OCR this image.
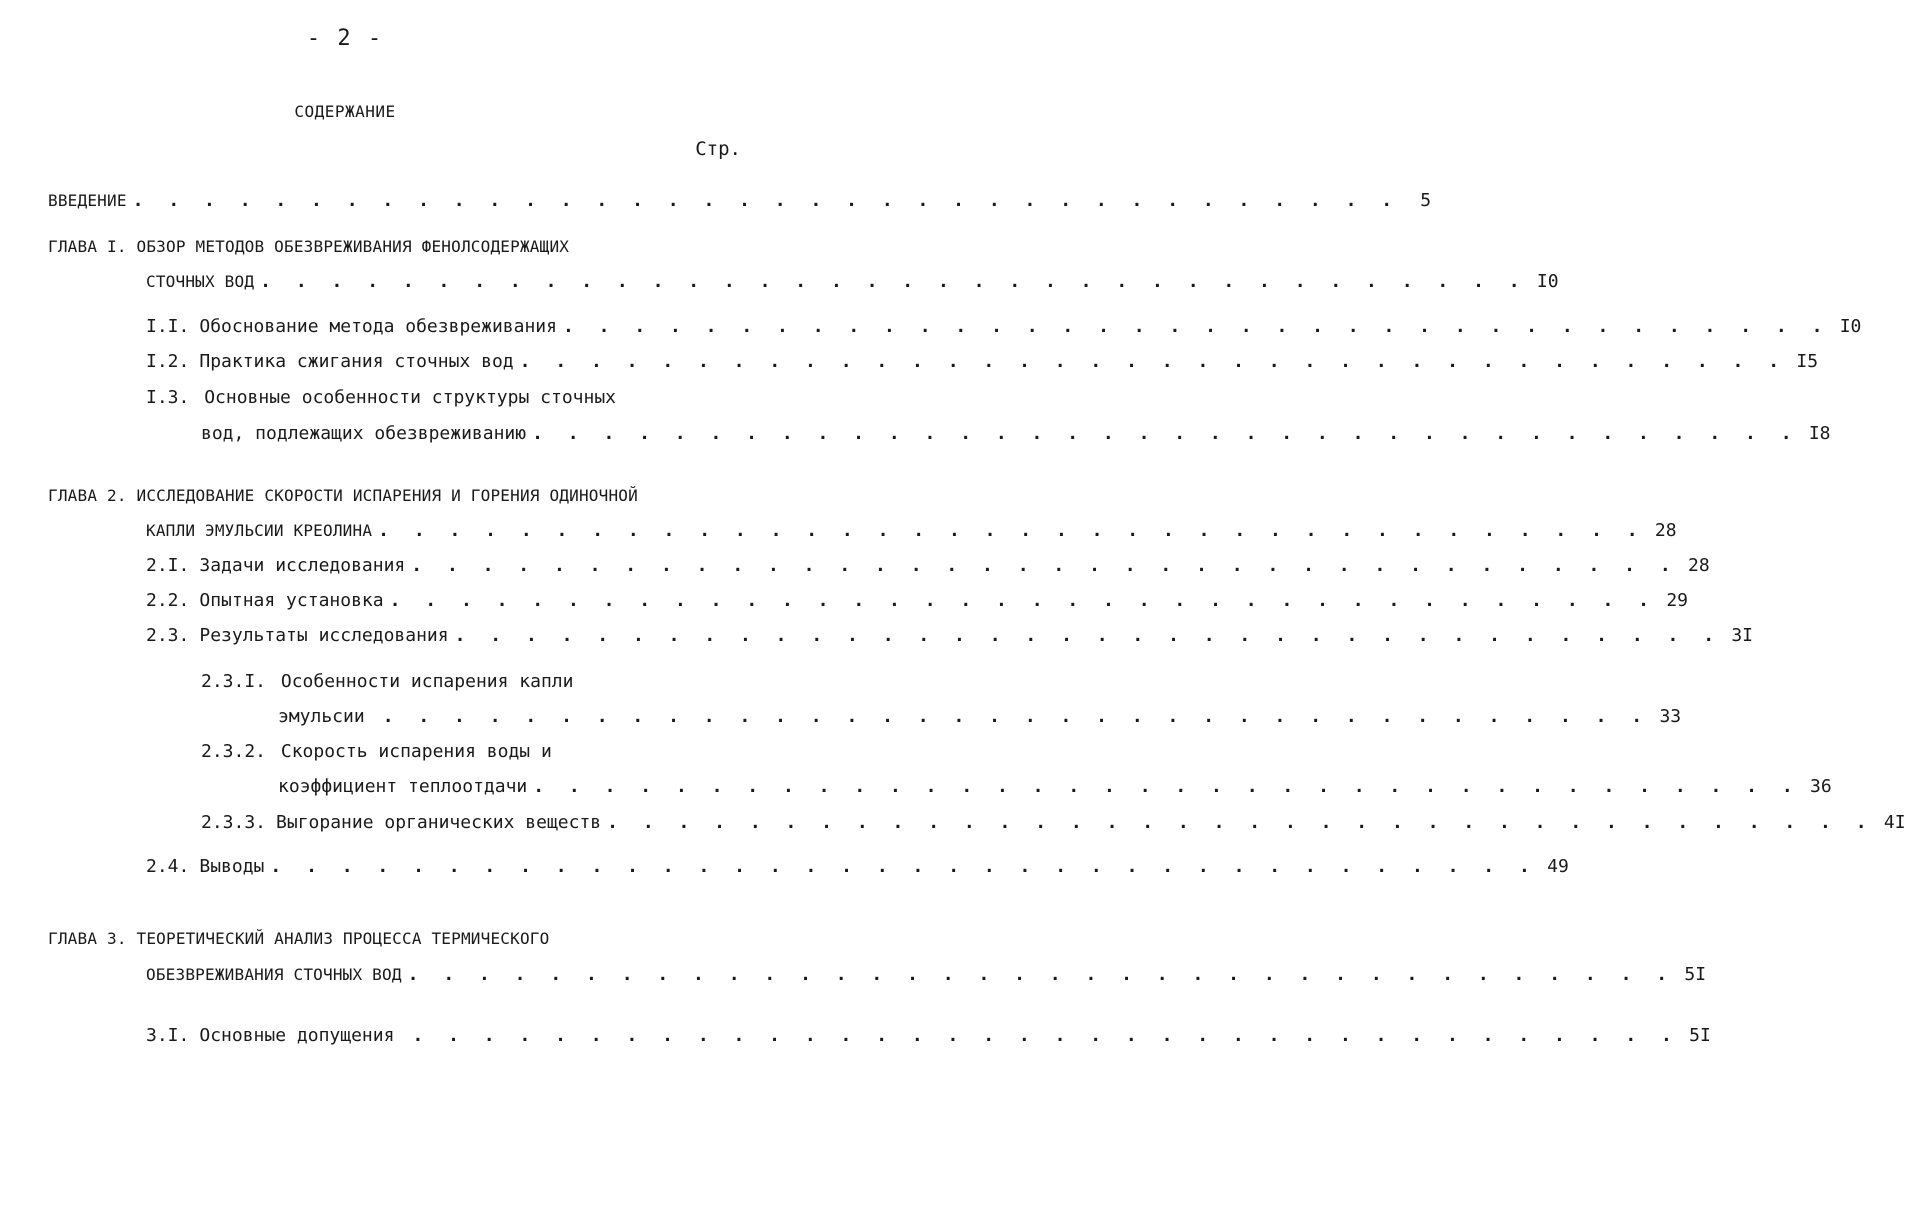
- 2 -
СОДЕРЖАНИЕ
Стр.
ВВЕДЕНИЕ . . . . . . . . . . . . . . . . . . . . . . . . . . . . . . . . . . . .	5
ГЛАВА I. ОБЗОР МЕТОДОВ ОБЕЗВРЕЖИВАНИЯ ФЕНОЛСОДЕРЖАЩИХ
СТОЧНЫХ ВОД . . . . . . . . . . . . . . . . . . . . . . . . . . . . . . . . . . . . I0
I.I. Обоснование метода обезвреживания . . . . . . . . . . . . . . . . . . . . . . . . . . . . . . . . . . . . I0
I.2. Практика сжигания сточных вод . . . . . . . . . . . . . . . . . . . . . . . . . . . . . . . . . . . . I5
I.3. Основные особенности структуры сточных
вод, подлежащих обезвреживанию . . . . . . . . . . . . . . . . . . . . . . . . . . . . . . . . . . . . I8
ГЛАВА 2. ИССЛЕДОВАНИЕ СКОРОСТИ ИСПАРЕНИЯ И ГОРЕНИЯ ОДИНОЧНОЙ
КАПЛИ ЭМУЛЬСИИ КРЕОЛИНА . . . . . . . . . . . . . . . . . . . . . . . . . . . . . . . . . . . . 28
2.I. Задачи исследования . . . . . . . . . . . . . . . . . . . . . . . . . . . . . . . . . . . . 28
2.2. Опытная установка . . . . . . . . . . . . . . . . . . . . . . . . . . . . . . . . . . . . 29
2.3. Результаты исследования . . . . . . . . . . . . . . . . . . . . . . . . . . . . . . . . . . . . 3I
2.3.I. Особенности испарения капли
эмульсии . . . . . . . . . . . . . . . . . . . . . . . . . . . . . . . . . . . . 33
2.3.2. Скорость испарения воды и
коэффициент теплоотдачи . . . . . . . . . . . . . . . . . . . . . . . . . . . . . . . . . . . . 36
2.3.3. Выгорание органических веществ . . . . . . . . . . . . . . . . . . . . . . . . . . . . . . . . . . . . 4I
2.4. Выводы . . . . . . . . . . . . . . . . . . . . . . . . . . . . . . . . . . . . 49
ГЛАВА 3. ТЕОРЕТИЧЕСКИЙ АНАЛИЗ ПРОЦЕССА ТЕРМИЧЕСКОГО
ОБЕЗВРЕЖИВАНИЯ СТОЧНЫХ ВОД . . . . . . . . . . . . . . . . . . . . . . . . . . . . . . . . . . . . 5I
3.I. Основные допущения . . . . . . . . . . . . . . . . . . . . . . . . . . . . . . . . . . . . 5I
